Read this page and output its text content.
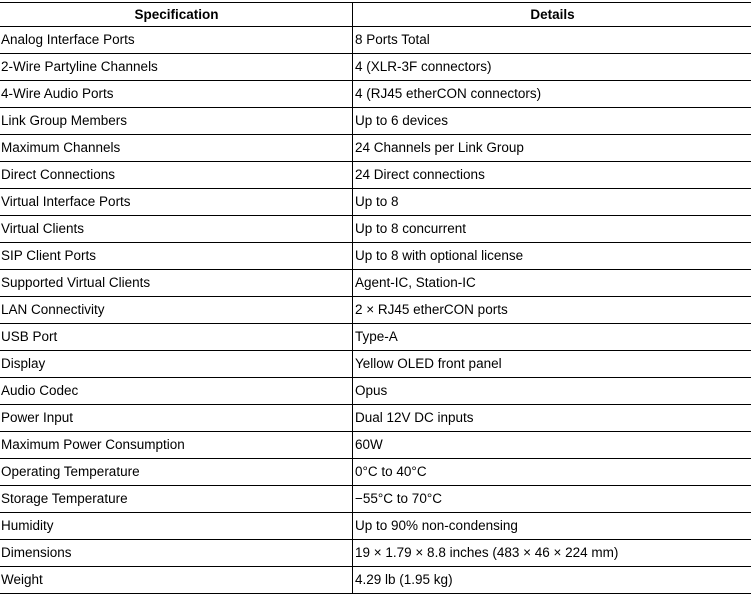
Specification	Details
Analog Interface Ports	8 Ports Total
2-Wire Partyline Channels	4 (XLR-3F connectors)
4-Wire Audio Ports	4 (RJ45 etherCON connectors)
Link Group Members	Up to 6 devices
Maximum Channels	24 Channels per Link Group
Direct Connections	24 Direct connections
Virtual Interface Ports	Up to 8
Virtual Clients	Up to 8 concurrent
SIP Client Ports	Up to 8 with optional license
Supported Virtual Clients	Agent-IC, Station-IC
LAN Connectivity	2 × RJ45 etherCON ports
USB Port	Type-A
Display	Yellow OLED front panel
Audio Codec	Opus
Power Input	Dual 12V DC inputs
Maximum Power Consumption	60W
Operating Temperature	0°C to 40°C
Storage Temperature	−55°C to 70°C
Humidity	Up to 90% non-condensing
Dimensions	19 × 1.79 × 8.8 inches (483 × 46 × 224 mm)
Weight	4.29 lb (1.95 kg)
